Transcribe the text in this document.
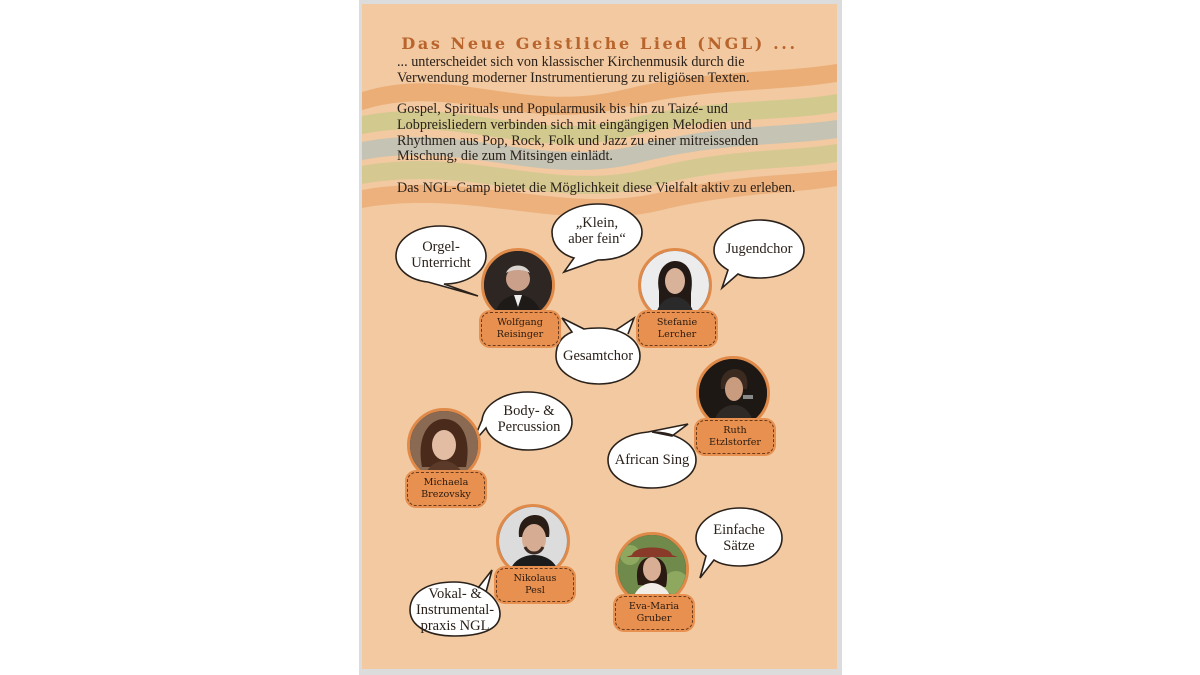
Das Neue Geistliche Lied (NGL) ...

... unterscheidet sich von klassischer Kirchenmusik durch die Verwendung moderner Instrumentierung zu religiösen Texten.

Gospel, Spirituals und Popularmusik bis hin zu Taizé- und Lobpreisliedern verbinden sich mit eingängigen Melodien und Rhythmen aus Pop, Rock, Folk und Jazz zu einer mitreissenden Mischung, die zum Mitsingen einlädt.

Das NGL-Camp bietet die Möglichkeit diese Vielfalt aktiv zu erleben.

Orgel-
Unterricht

„Klein,
aber fein“

Jugendchor

Gesamtchor

Body- &
Percussion

African Sing

Einfache
Sätze

Vokal- &
Instrumental-
praxis NGL

Wolfgang
Reisinger
Stefanie
Lercher
Ruth
Etzlstorfer
Michaela
Brezovsky
Nikolaus
Pesl
Eva-Maria
Gruber
